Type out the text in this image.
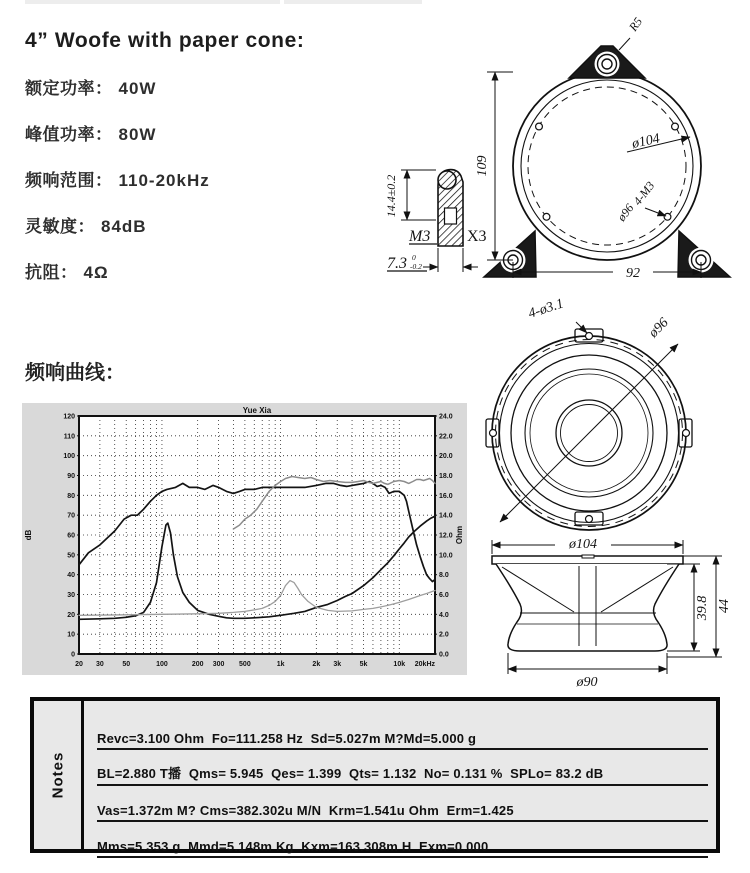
4” Woofe with paper cone:
额定功率： 40W
峰值功率： 80W
频响范围： 110-20kHz
灵敏度： 84dB
抗阻： 4Ω
频响曲线：
Yue Xia
dB	Ohm
0
10
20
30
40
50
60
70
80
90
100
110
120
0.0
2.0
4.0
6.0
8.0
10.0
12.0
14.0
16.0
18.0
20.0
22.0
24.0
20 30	50	100	200 300 500	1k	2k 3k	5k	10k 20kHz
109
92
R5
ø104
ø96
4-M3
14.4±0.2
M3 X3
7.3 0
-0.2
ø96
4-ø3.1
ø104
39.8 44
ø90
Notes
Revc=3.100 Ohm  Fo=111.258 Hz  Sd=5.027m M?Md=5.000 g
BL=2.880 T播  Qms= 5.945  Qes= 1.399  Qts= 1.132  No= 0.131 %  SPLo= 83.2 dB
Vas=1.372m M? Cms=382.302u M/N  Krm=1.541u Ohm  Erm=1.425
Mms=5.353 g  Mmd=5.148m Kg  Kxm=163.308m H  Exm=0.000
